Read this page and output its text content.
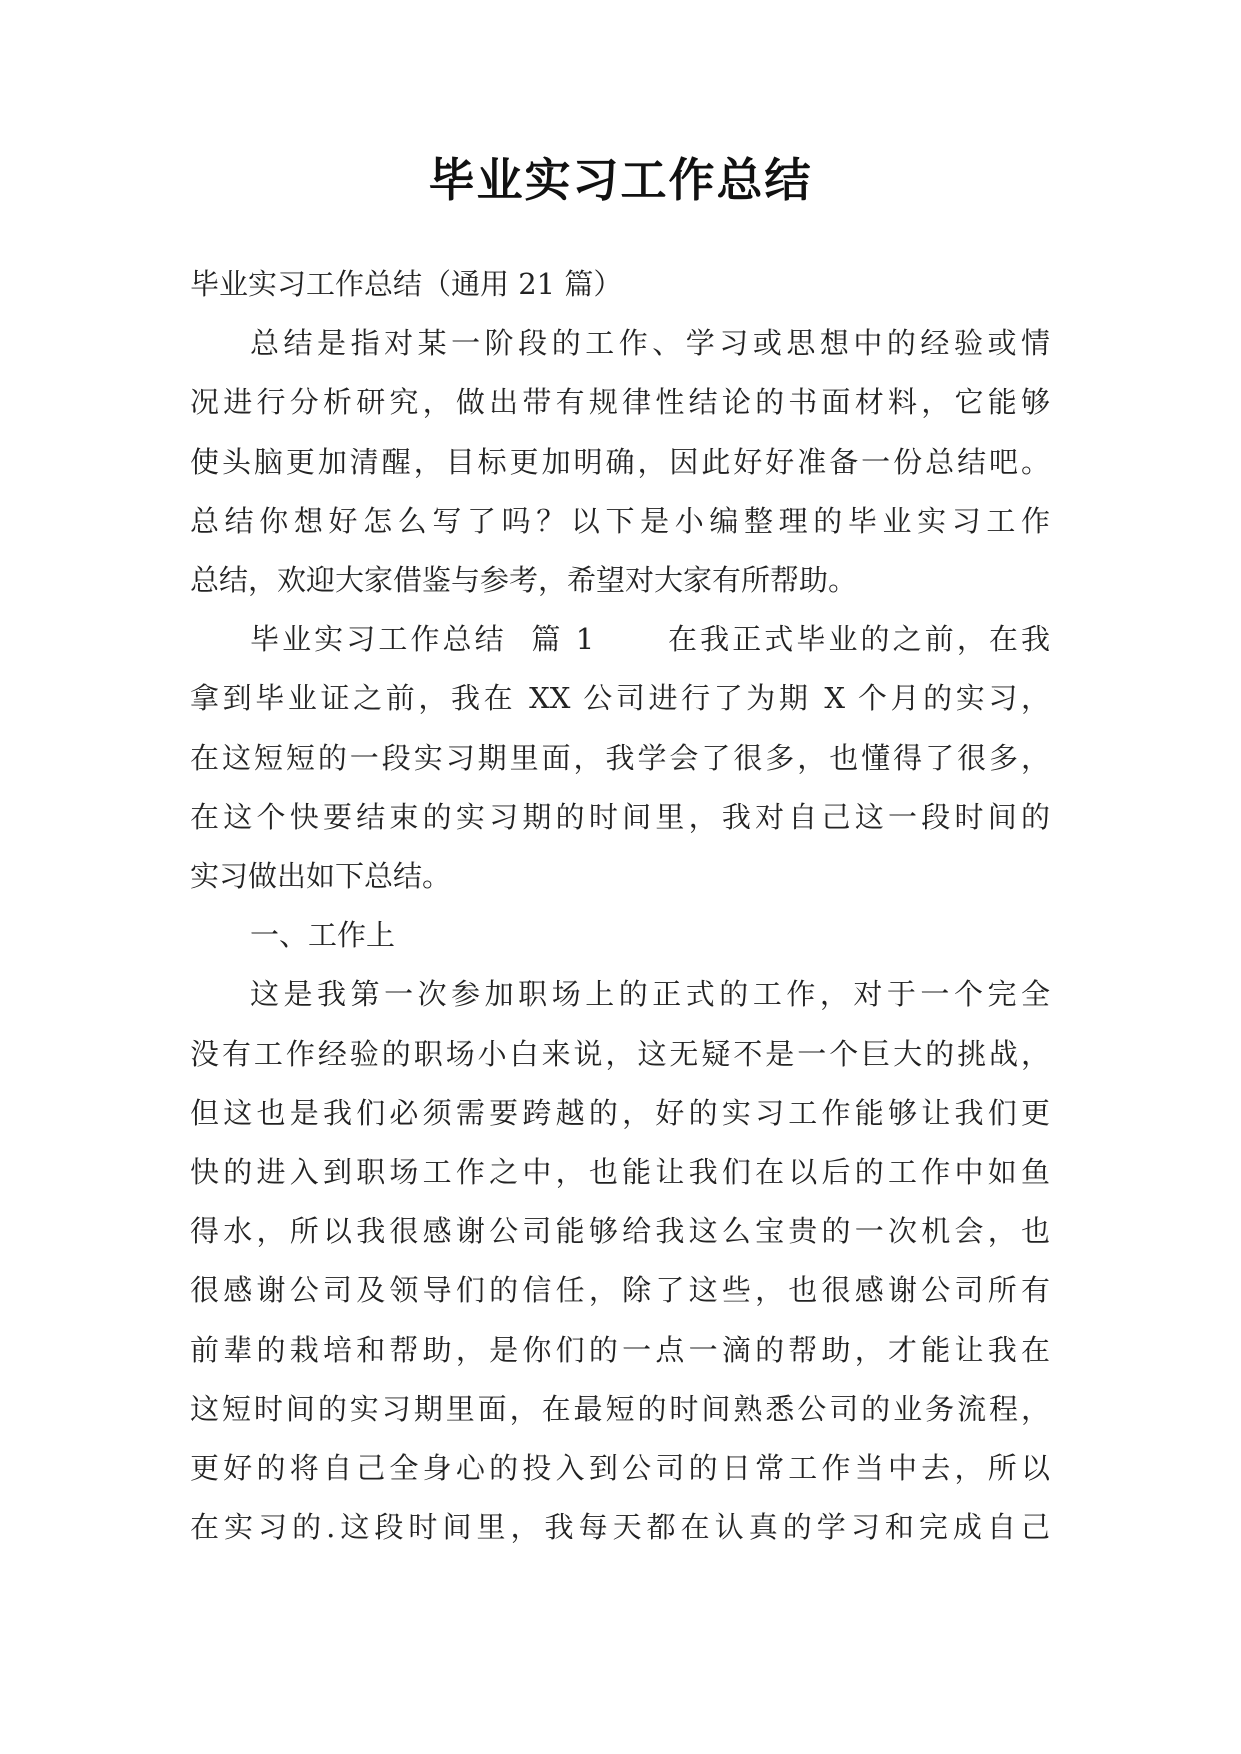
毕业实习工作总结

毕业实习工作总结（通用 21 篇）

总结是指对某一阶段的工作、学习或思想中的经验或情
况进行分析研究，做出带有规律性结论的书面材料，它能够
使头脑更加清醒，目标更加明确，因此好好准备一份总结吧。
总结你想好怎么写了吗？以下是小编整理的毕业实习工作
总结，欢迎大家借鉴与参考，希望对大家有所帮助。

毕业实习工作总结  篇 1      在我正式毕业的之前，在我
拿到毕业证之前，我在 XX 公司进行了为期 X 个月的实习，
在这短短的一段实习期里面，我学会了很多，也懂得了很多，
在这个快要结束的实习期的时间里，我对自己这一段时间的
实习做出如下总结。

一、工作上

这是我第一次参加职场上的正式的工作，对于一个完全
没有工作经验的职场小白来说，这无疑不是一个巨大的挑战，
但这也是我们必须需要跨越的，好的实习工作能够让我们更
快的进入到职场工作之中，也能让我们在以后的工作中如鱼
得水，所以我很感谢公司能够给我这么宝贵的一次机会，也
很感谢公司及领导们的信任，除了这些，也很感谢公司所有
前辈的栽培和帮助，是你们的一点一滴的帮助，才能让我在
这短时间的实习期里面，在最短的时间熟悉公司的业务流程，
更好的将自己全身心的投入到公司的日常工作当中去，所以
在实习的.这段时间里，我每天都在认真的学习和完成自己
